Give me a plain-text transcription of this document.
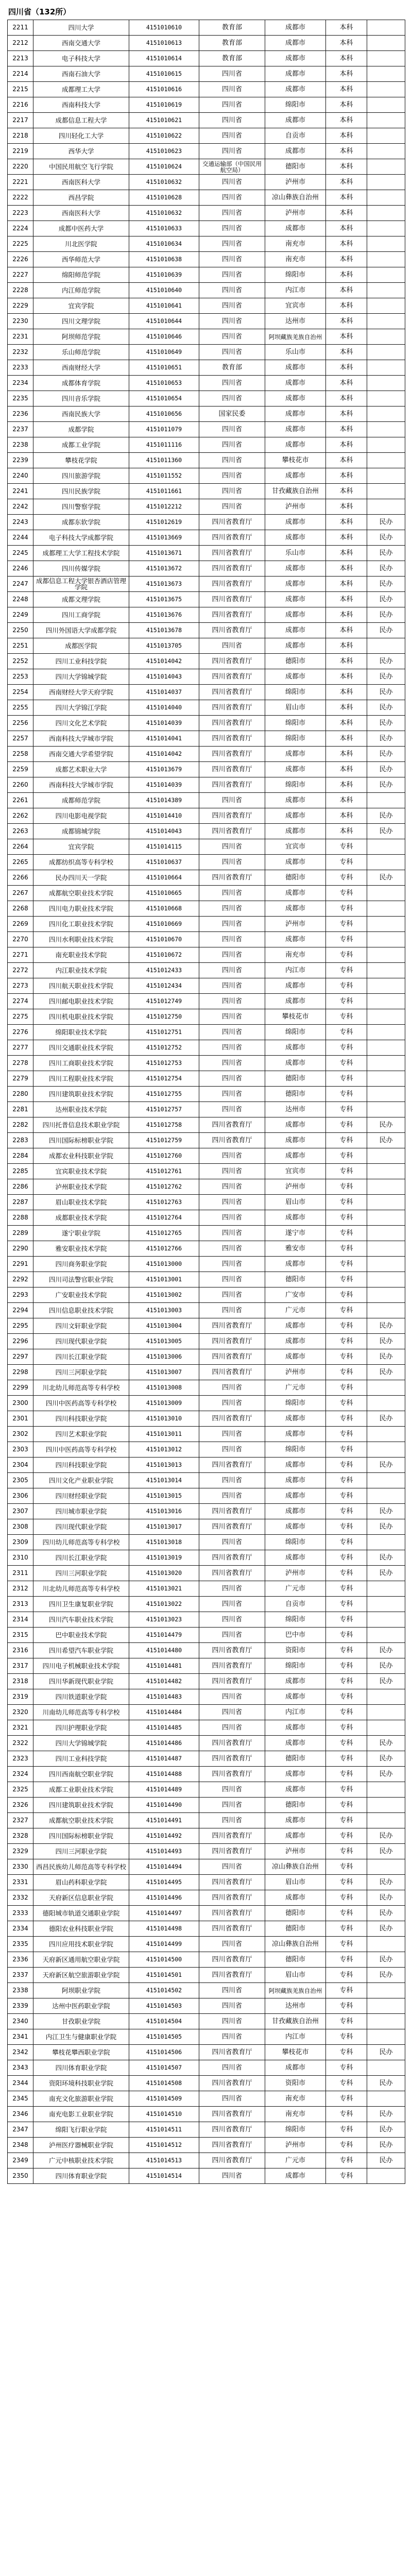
四川省（132所）
2211	四川大学	4151010610	教育部	成都市	本科	
2212	西南交通大学	4151010613	教育部	成都市	本科	
2213	电子科技大学	4151010614	教育部	成都市	本科	
2214	西南石油大学	4151010615	四川省	成都市	本科	
2215	成都理工大学	4151010616	四川省	成都市	本科	
2216	西南科技大学	4151010619	四川省	绵阳市	本科	
2217	成都信息工程大学	4151010621	四川省	成都市	本科	
2218	四川轻化工大学	4151010622	四川省	自贡市	本科	
2219	西华大学	4151010623	四川省	成都市	本科	
2220	中国民用航空飞行学院	4151010624	交通运输部（中国民用航空局）	德阳市	本科	
2221	西南医科大学	4151010632	四川省	泸州市	本科	
2222	西昌学院	4151010628	四川省	凉山彝族自治州	本科	
2223	西南医科大学	4151010632	四川省	泸州市	本科	
2224	成都中医药大学	4151010633	四川省	成都市	本科	
2225	川北医学院	4151010634	四川省	南充市	本科	
2226	西华师范大学	4151010638	四川省	南充市	本科	
2227	绵阳师范学院	4151010639	四川省	绵阳市	本科	
2228	内江师范学院	4151010640	四川省	内江市	本科	
2229	宜宾学院	4151010641	四川省	宜宾市	本科	
2230	四川文理学院	4151010644	四川省	达州市	本科	
2231	阿坝师范学院	4151010646	四川省	阿坝藏族羌族自治州	本科	
2232	乐山师范学院	4151010649	四川省	乐山市	本科	
2233	西南财经大学	4151010651	教育部	成都市	本科	
2234	成都体育学院	4151010653	四川省	成都市	本科	
2235	四川音乐学院	4151010654	四川省	成都市	本科	
2236	西南民族大学	4151010656	国家民委	成都市	本科	
2237	成都学院	4151011079	四川省	成都市	本科	
2238	成都工业学院	4151011116	四川省	成都市	本科	
2239	攀枝花学院	4151011360	四川省	攀枝花市	本科	
2240	四川旅游学院	4151011552	四川省	成都市	本科	
2241	四川民族学院	4151011661	四川省	甘孜藏族自治州	本科	
2242	四川警察学院	4151012212	四川省	泸州市	本科	
2243	成都东软学院	4151012619	四川省教育厅	成都市	本科	民办
2244	电子科技大学成都学院	4151013669	四川省教育厅	成都市	本科	民办
2245	成都理工大学工程技术学院	4151013671	四川省教育厅	乐山市	本科	民办
2246	四川传媒学院	4151013672	四川省教育厅	成都市	本科	民办
2247	成都信息工程大学银杏酒店管理学院	4151013673	四川省教育厅	成都市	本科	民办
2248	成都文理学院	4151013675	四川省教育厅	成都市	本科	民办
2249	四川工商学院	4151013676	四川省教育厅	成都市	本科	民办
2250	四川外国语大学成都学院	4151013678	四川省教育厅	成都市	本科	民办
2251	成都医学院	4151013705	四川省	成都市	本科	
2252	四川工业科技学院	4151014042	四川省教育厅	德阳市	本科	民办
2253	四川大学锦城学院	4151014043	四川省教育厅	成都市	本科	民办
2254	西南财经大学天府学院	4151014037	四川省教育厅	绵阳市	本科	民办
2255	四川大学锦江学院	4151014040	四川省教育厅	眉山市	本科	民办
2256	四川文化艺术学院	4151014039	四川省教育厅	绵阳市	本科	民办
2257	西南科技大学城市学院	4151014041	四川省教育厅	绵阳市	本科	民办
2258	西南交通大学希望学院	4151014042	四川省教育厅	成都市	本科	民办
2259	成都艺术职业大学	4151013679	四川省教育厅	成都市	本科	民办
2260	西南科技大学城市学院	4151014039	四川省教育厅	绵阳市	本科	民办
2261	成都师范学院	4151014389	四川省	成都市	本科	
2262	四川电影电视学院	4151014410	四川省教育厅	成都市	本科	民办
2263	成都锦城学院	4151014043	四川省教育厅	成都市	本科	民办
2264	宜宾学院	4151014115	四川省	宜宾市	专科	
2265	成都纺织高等专科学校	4151010637	四川省	成都市	专科	
2266	民办四川天一学院	4151010664	四川省教育厅	德阳市	专科	民办
2267	成都航空职业技术学院	4151010665	四川省	成都市	专科	
2268	四川电力职业技术学院	4151010668	四川省	成都市	专科	
2269	四川化工职业技术学院	4151010669	四川省	泸州市	专科	
2270	四川水利职业技术学院	4151010670	四川省	成都市	专科	
2271	南充职业技术学院	4151010672	四川省	南充市	专科	
2272	内江职业技术学院	4151012433	四川省	内江市	专科	
2273	四川航天职业技术学院	4151012434	四川省	成都市	专科	
2274	四川邮电职业技术学院	4151012749	四川省	成都市	专科	
2275	四川机电职业技术学院	4151012750	四川省	攀枝花市	专科	
2276	绵阳职业技术学院	4151012751	四川省	绵阳市	专科	
2277	四川交通职业技术学院	4151012752	四川省	成都市	专科	
2278	四川工商职业技术学院	4151012753	四川省	成都市	专科	
2279	四川工程职业技术学院	4151012754	四川省	德阳市	专科	
2280	四川建筑职业技术学院	4151012755	四川省	德阳市	专科	
2281	达州职业技术学院	4151012757	四川省	达州市	专科	
2282	四川托普信息技术职业学院	4151012758	四川省教育厅	成都市	专科	民办
2283	四川国际标榜职业学院	4151012759	四川省教育厅	成都市	专科	民办
2284	成都农业科技职业学院	4151012760	四川省	成都市	专科	
2285	宜宾职业技术学院	4151012761	四川省	宜宾市	专科	
2286	泸州职业技术学院	4151012762	四川省	泸州市	专科	
2287	眉山职业技术学院	4151012763	四川省	眉山市	专科	
2288	成都职业技术学院	4151012764	四川省	成都市	专科	
2289	遂宁职业学院	4151012765	四川省	遂宁市	专科	
2290	雅安职业技术学院	4151012766	四川省	雅安市	专科	
2291	四川商务职业学院	4151013000	四川省	成都市	专科	
2292	四川司法警官职业学院	4151013001	四川省	德阳市	专科	
2293	广安职业技术学院	4151013002	四川省	广安市	专科	
2294	四川信息职业技术学院	4151013003	四川省	广元市	专科	
2295	四川文轩职业学院	4151013004	四川省教育厅	成都市	专科	民办
2296	四川现代职业学院	4151013005	四川省教育厅	成都市	专科	民办
2297	四川长江职业学院	4151013006	四川省教育厅	成都市	专科	民办
2298	四川三河职业学院	4151013007	四川省教育厅	泸州市	专科	民办
2299	川北幼儿师范高等专科学校	4151013008	四川省	广元市	专科	
2300	四川中医药高等专科学校	4151013009	四川省	绵阳市	专科	
2301	四川科技职业学院	4151013010	四川省教育厅	成都市	专科	民办
2302	四川艺术职业学院	4151013011	四川省	成都市	专科	
2303	四川中医药高等专科学校	4151013012	四川省	绵阳市	专科	
2304	四川科技职业学院	4151013013	四川省教育厅	成都市	专科	民办
2305	四川文化产业职业学院	4151013014	四川省	成都市	专科	
2306	四川财经职业学院	4151013015	四川省	成都市	专科	
2307	四川城市职业学院	4151013016	四川省教育厅	成都市	专科	民办
2308	四川现代职业学院	4151013017	四川省教育厅	成都市	专科	民办
2309	四川幼儿师范高等专科学校	4151013018	四川省	绵阳市	专科	
2310	四川长江职业学院	4151013019	四川省教育厅	成都市	专科	民办
2311	四川三河职业学院	4151013020	四川省教育厅	泸州市	专科	民办
2312	川北幼儿师范高等专科学校	4151013021	四川省	广元市	专科	
2313	四川卫生康复职业学院	4151013022	四川省	自贡市	专科	
2314	四川汽车职业技术学院	4151013023	四川省	绵阳市	专科	
2315	巴中职业技术学院	4151014479	四川省	巴中市	专科	
2316	四川希望汽车职业学院	4151014480	四川省教育厅	资阳市	专科	民办
2317	四川电子机械职业技术学院	4151014481	四川省教育厅	绵阳市	专科	民办
2318	四川华新现代职业学院	4151014482	四川省教育厅	成都市	专科	民办
2319	四川铁道职业学院	4151014483	四川省	成都市	专科	
2320	川南幼儿师范高等专科学校	4151014484	四川省	内江市	专科	
2321	四川护理职业学院	4151014485	四川省	成都市	专科	
2322	四川大学锦城学院	4151014486	四川省教育厅	成都市	专科	民办
2323	四川工业科技学院	4151014487	四川省教育厅	德阳市	专科	民办
2324	四川西南航空职业学院	4151014488	四川省教育厅	成都市	专科	民办
2325	成都工业职业技术学院	4151014489	四川省	成都市	专科	
2326	四川建筑职业技术学院	4151014490	四川省	德阳市	专科	
2327	成都航空职业技术学院	4151014491	四川省	成都市	专科	
2328	四川国际标榜职业学院	4151014492	四川省教育厅	成都市	专科	民办
2329	四川三河职业学院	4151014493	四川省教育厅	泸州市	专科	民办
2330	西昌民族幼儿师范高等专科学校	4151014494	四川省	凉山彝族自治州	专科	
2331	眉山药科职业学院	4151014495	四川省教育厅	眉山市	专科	民办
2332	天府新区信息职业学院	4151014496	四川省教育厅	成都市	专科	民办
2333	德阳城市轨道交通职业学院	4151014497	四川省教育厅	德阳市	专科	民办
2334	德阳农业科技职业学院	4151014498	四川省教育厅	德阳市	专科	民办
2335	四川应用技术职业学院	4151014499	四川省	凉山彝族自治州	专科	
2336	天府新区通用航空职业学院	4151014500	四川省教育厅	德阳市	专科	民办
2337	天府新区航空旅游职业学院	4151014501	四川省教育厅	眉山市	专科	民办
2338	阿坝职业学院	4151014502	四川省	阿坝藏族羌族自治州	专科	
2339	达州中医药职业学院	4151014503	四川省	达州市	专科	
2340	甘孜职业学院	4151014504	四川省	甘孜藏族自治州	专科	
2341	内江卫生与健康职业学院	4151014505	四川省	内江市	专科	
2342	攀枝花攀西职业学院	4151014506	四川省教育厅	攀枝花市	专科	民办
2343	四川体育职业学院	4151014507	四川省	成都市	专科	
2344	资阳环境科技职业学院	4151014508	四川省教育厅	资阳市	专科	民办
2345	南充文化旅游职业学院	4151014509	四川省	南充市	专科	
2346	南充电影工业职业学院	4151014510	四川省教育厅	南充市	专科	民办
2347	绵阳飞行职业学院	4151014511	四川省教育厅	绵阳市	专科	民办
2348	泸州医疗器械职业学院	4151014512	四川省教育厅	泸州市	专科	民办
2349	广元中核职业技术学院	4151014513	四川省教育厅	广元市	专科	民办
2350	四川体育职业学院	4151014514	四川省	成都市	专科	
